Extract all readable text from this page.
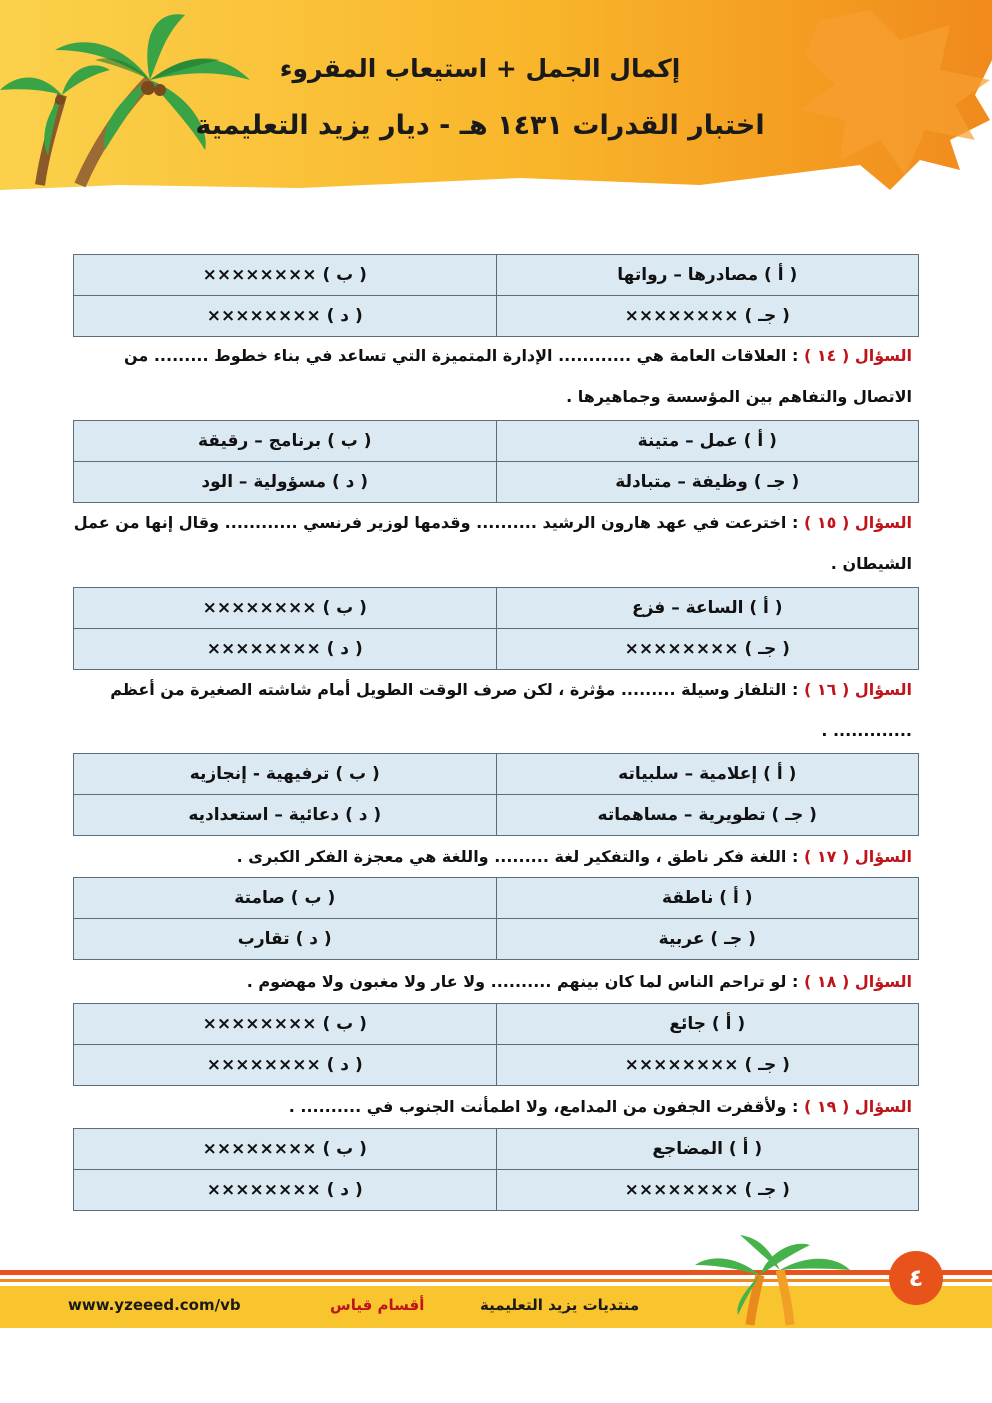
إكمال الجمل + استيعاب المقروء
اختبار القدرات ١٤٣١ هـ - ديار يزيد التعليمية
( أ ) مصادرها – رواتها	( ب ) ××××××××
( جـ ) ××××××××	( د ) ××××××××
السؤال ( ١٤ ) : العلاقات العامة هي ............ الإدارة المتميزة التي تساعد في بناء خطوط ......... من الاتصال والتفاهم بين المؤسسة وجماهيرها .
( أ ) عمل – متينة	( ب ) برنامج – رقيقة
( جـ ) وظيفة – متبادلة	( د ) مسؤولية – الود
السؤال ( ١٥ ) : اخترعت في عهد هارون الرشيد .......... وقدمها لوزير فرنسي ............ وقال إنها من عمل الشيطان .
( أ ) الساعة – فزع	( ب ) ××××××××
( جـ ) ××××××××	( د ) ××××××××
السؤال ( ١٦ ) : التلفاز وسيلة ......... مؤثرة ، لكن صرف الوقت الطويل أمام شاشته الصغيرة من أعظم ............. .
( أ ) إعلامية – سلبياته	( ب ) ترفيهية - إنجازيه
( جـ ) تطويرية – مساهماته	( د ) دعائية – استعداديه
السؤال ( ١٧ ) : اللغة فكر ناطق ، والتفكير لغة ......... واللغة هي معجزة الفكر الكبرى .
( أ ) ناطقة	( ب ) صامتة
( جـ ) عربية	( د ) تقارب
السؤال ( ١٨ ) : لو تراحم الناس لما كان بينهم .......... ولا عار ولا مغبون ولا مهضوم .
( أ ) جائع	( ب ) ××××××××
( جـ ) ××××××××	( د ) ××××××××
السؤال ( ١٩ ) : ولأقفرت الجفون من المدامع، ولا اطمأنت الجنوب في .......... .
( أ ) المضاجع	( ب ) ××××××××
( جـ ) ××××××××	( د ) ××××××××
www.yzeeed.com/vb	أقسام قياس	منتديات يزيد التعليمية
٤
